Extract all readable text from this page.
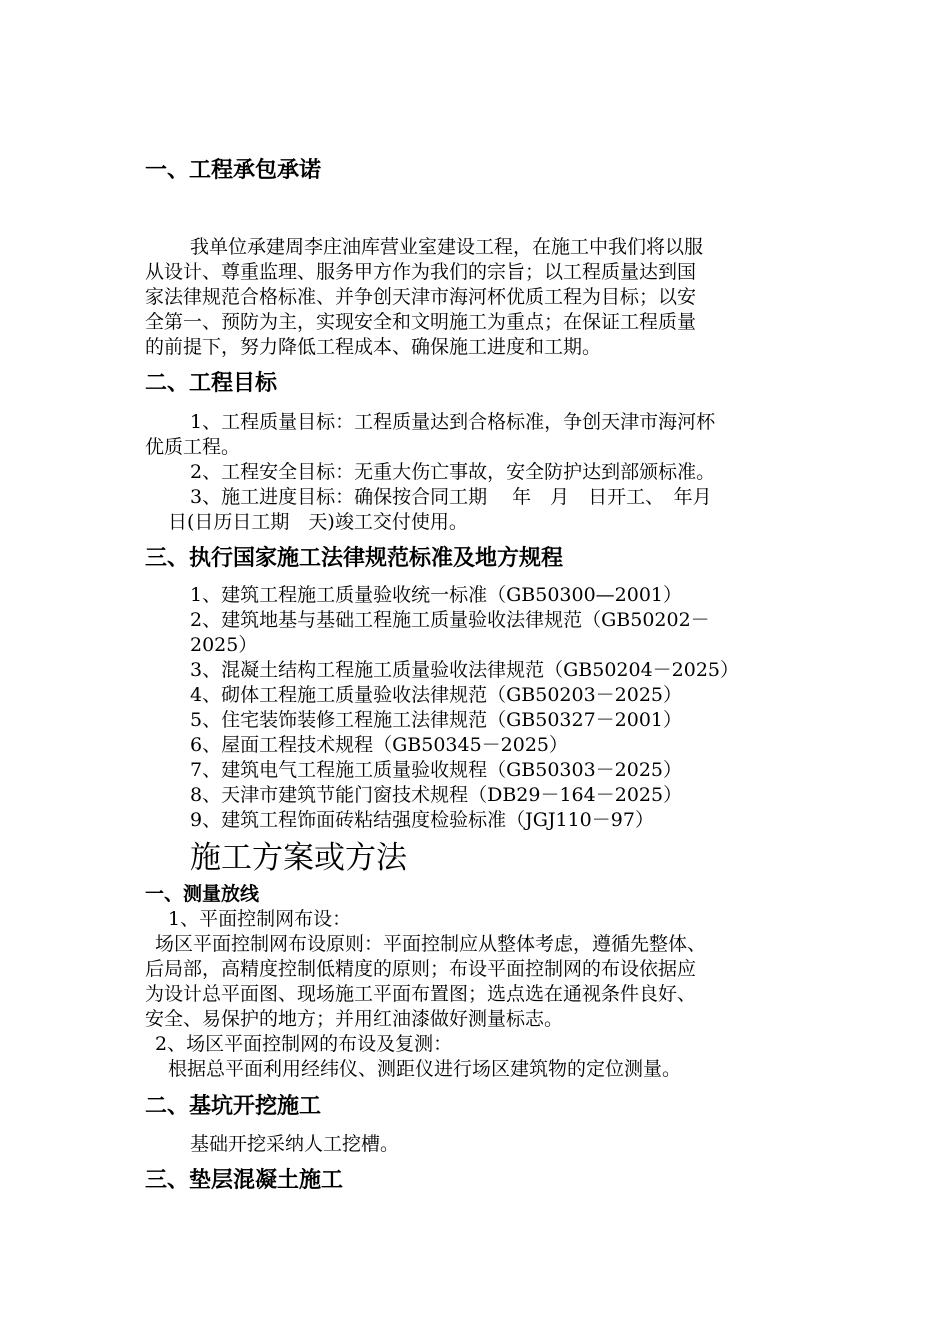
一、工程承包承诺
我单位承建周李庄油库营业室建设工程，在施工中我们将以服
从设计、尊重监理、服务甲方作为我们的宗旨；以工程质量达到国
家法律规范合格标准、并争创天津市海河杯优质工程为目标；以安
全第一、预防为主，实现安全和文明施工为重点；在保证工程质量
的前提下，努力降低工程成本、确保施工进度和工期。
二、工程目标
1、工程质量目标：工程质量达到合格标准，争创天津市海河杯
优质工程。
2、工程安全目标：无重大伤亡事故，安全防护达到部颁标准。
3、施工进度目标：确保按合同工期　 年　月　日开工、　年月
日(日历日工期　天)竣工交付使用。
三、执行国家施工法律规范标准及地方规程
1、建筑工程施工质量验收统一标准（GB50300—2001）
2、建筑地基与基础工程施工质量验收法律规范（GB50202－
2025）
3、混凝土结构工程施工质量验收法律规范（GB50204－2025）
4、砌体工程施工质量验收法律规范（GB50203－2025）
5、住宅装饰装修工程施工法律规范（GB50327－2001）
6、屋面工程技术规程（GB50345－2025）
7、建筑电气工程施工质量验收规程（GB50303－2025）
8、天津市建筑节能门窗技术规程（DB29－164－2025）
9、建筑工程饰面砖粘结强度检验标准（JGJ110－97）
施工方案或方法
一、测量放线
1、平面控制网布设：
场区平面控制网布设原则：平面控制应从整体考虑，遵循先整体、
后局部，高精度控制低精度的原则；布设平面控制网的布设依据应
为设计总平面图、现场施工平面布置图；选点选在通视条件良好、
安全、易保护的地方；并用红油漆做好测量标志。
2、场区平面控制网的布设及复测：
根据总平面利用经纬仪、测距仪进行场区建筑物的定位测量。
二、基坑开挖施工
基础开挖采纳人工挖槽。
三、垫层混凝土施工
